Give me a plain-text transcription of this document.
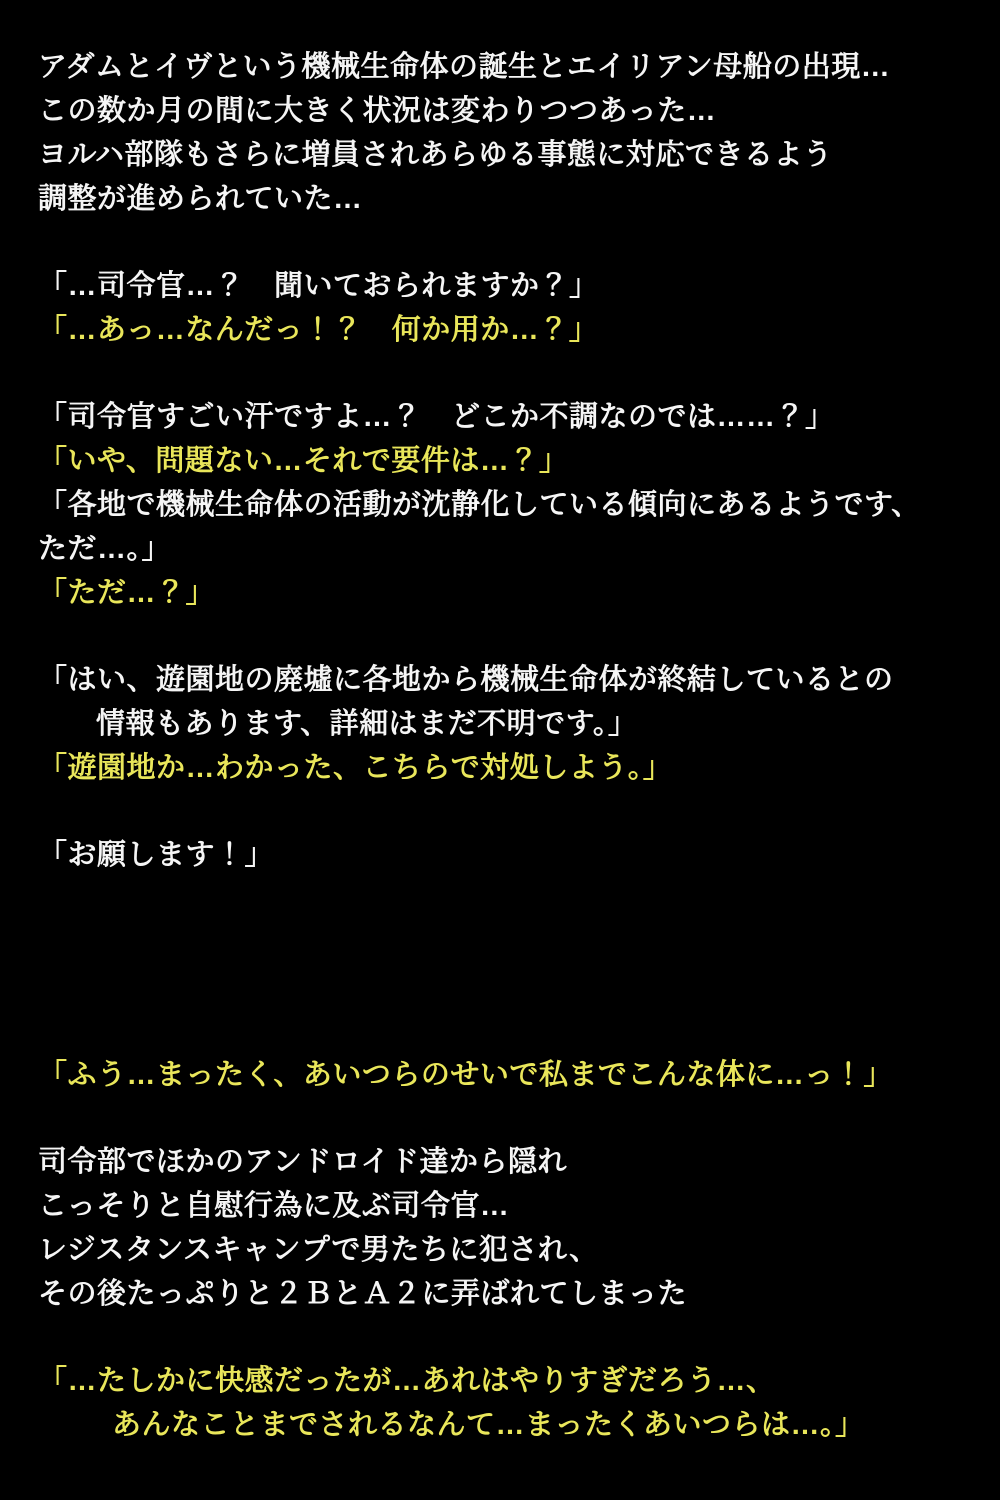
アダムとイヴという機械生命体の誕生とエイリアン母船の出現…
この数か月の間に大きく状況は変わりつつあった…
ヨルハ部隊もさらに増員されあらゆる事態に対応できるよう
調整が進められていた…
「…司令官…？　聞いておられますか？」
「…あっ…なんだっ！？　何か用か…？」
「司令官すごい汗ですよ…？　どこか不調なのでは……？」
「いや、問題ない…それで要件は…？」
「各地で機械生命体の活動が沈静化している傾向にあるようです、
ただ…。」
「ただ…？」
「はい、遊園地の廃墟に各地から機械生命体が終結しているとの
情報もあります、詳細はまだ不明です。」
「遊園地か…わかった、こちらで対処しよう。」
「お願します！」
「ふう…まったく、あいつらのせいで私までこんな体に…っ！」
司令部でほかのアンドロイド達から隠れ
こっそりと自慰行為に及ぶ司令官…
レジスタンスキャンプで男たちに犯され、
その後たっぷりと２ＢとＡ２に弄ばれてしまった
「…たしかに快感だったが…あれはやりすぎだろう…、
あんなことまでされるなんて…まったくあいつらは…。」
